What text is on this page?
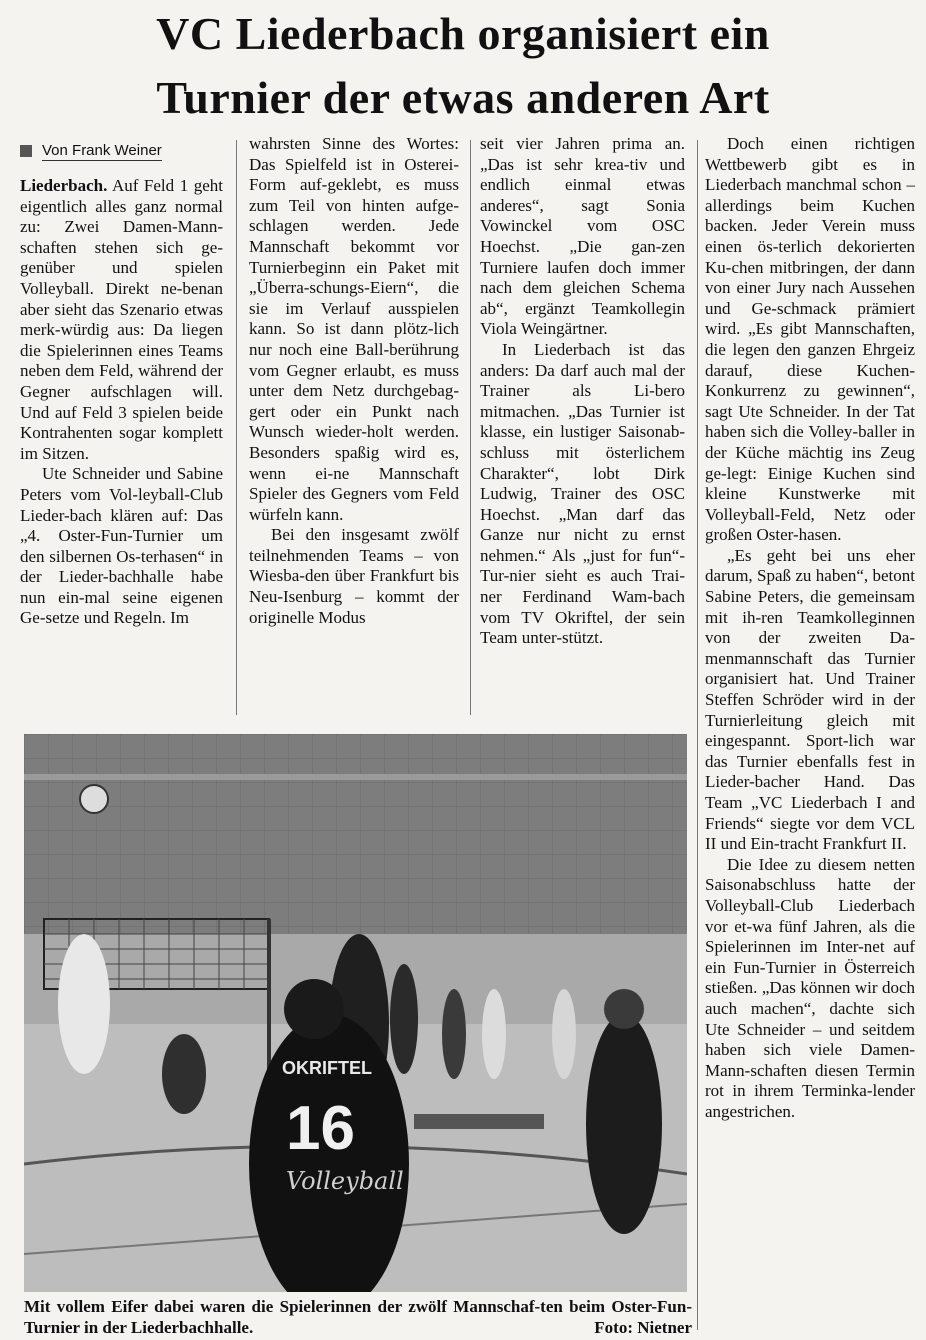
VC Liederbach organisiert ein
Turnier der etwas anderen Art
Von Frank Weiner

Liederbach. Auf Feld 1 geht eigentlich alles ganz normal zu: Zwei Damen-Mann-schaften stehen sich ge-genüber und spielen Volleyball. Direkt ne-benan aber sieht das Szenario etwas merk-würdig aus: Da liegen die Spielerinnen eines Teams neben dem Feld, während der Gegner aufschlagen will. Und auf Feld 3 spielen beide Kontrahenten sogar komplett im Sitzen.

Ute Schneider und Sabine Peters vom Vol-leyball-Club Lieder-bach klären auf: Das „4. Oster-Fun-Turnier um den silbernen Os-terhasen“ in der Lieder-bachhalle habe nun ein-mal seine eigenen Ge-setze und Regeln. Im

wahrsten Sinne des Wortes: Das Spielfeld ist in Osterei-Form auf-geklebt, es muss zum Teil von hinten aufge-schlagen werden. Jede Mannschaft bekommt vor Turnierbeginn ein Paket mit „Überra-schungs-Eiern“, die sie im Verlauf ausspielen kann. So ist dann plötz-lich nur noch eine Ball-berührung vom Gegner erlaubt, es muss unter dem Netz durchgebag-gert oder ein Punkt nach Wunsch wieder-holt werden. Besonders spaßig wird es, wenn ei-ne Mannschaft Spieler des Gegners vom Feld würfeln kann.

Bei den insgesamt zwölf teilnehmenden Teams – von Wiesba-den über Frankfurt bis Neu-Isenburg – kommt der originelle Modus

seit vier Jahren prima an. „Das ist sehr krea-tiv und endlich einmal etwas anderes“, sagt Sonia Vowinckel vom OSC Hoechst. „Die gan-zen Turniere laufen doch immer nach dem gleichen Schema ab“, ergänzt Teamkollegin Viola Weingärtner.

In Liederbach ist das anders: Da darf auch mal der Trainer als Li-bero mitmachen. „Das Turnier ist klasse, ein lustiger Saisonab-schluss mit österlichem Charakter“, lobt Dirk Ludwig, Trainer des OSC Hoechst. „Man darf das Ganze nur nicht zu ernst nehmen.“ Als „just for fun“-Tur-nier sieht es auch Trai-ner Ferdinand Wam-bach vom TV Okriftel, der sein Team unter-stützt.

Doch einen richtigen Wettbewerb gibt es in Liederbach manchmal schon – allerdings beim Kuchen backen. Jeder Verein muss einen ös-terlich dekorierten Ku-chen mitbringen, der dann von einer Jury nach Aussehen und Ge-schmack prämiert wird. „Es gibt Mannschaften, die legen den ganzen Ehrgeiz darauf, diese Kuchen-Konkurrenz zu gewinnen“, sagt Ute Schneider. In der Tat haben sich die Volley-baller in der Küche mächtig ins Zeug ge-legt: Einige Kuchen sind kleine Kunstwerke mit Volleyball-Feld, Netz oder großen Oster-hasen.

„Es geht bei uns eher darum, Spaß zu haben“, betont Sabine Peters, die gemeinsam mit ih-ren Teamkolleginnen von der zweiten Da-menmannschaft das Turnier organisiert hat. Und Trainer Steffen Schröder wird in der Turnierleitung gleich mit eingespannt. Sport-lich war das Turnier ebenfalls fest in Lieder-bacher Hand. Das Team „VC Liederbach I and Friends“ siegte vor dem VCL II und Ein-tracht Frankfurt II.

Die Idee zu diesem netten Saisonabschluss hatte der Volleyball-Club Liederbach vor et-wa fünf Jahren, als die Spielerinnen im Inter-net auf ein Fun-Turnier in Österreich stießen. „Das können wir doch auch machen“, dachte sich Ute Schneider – und seitdem haben sich viele Damen-Mann-schaften diesen Termin rot in ihrem Terminka-lender angestrichen.

OKRIFTEL
16
Volleyball
Mit vollem Eifer dabei waren die Spielerinnen der zwölf Mannschaf-ten beim Oster-Fun-Turnier in der Liederbachhalle.	Foto: Nietner
